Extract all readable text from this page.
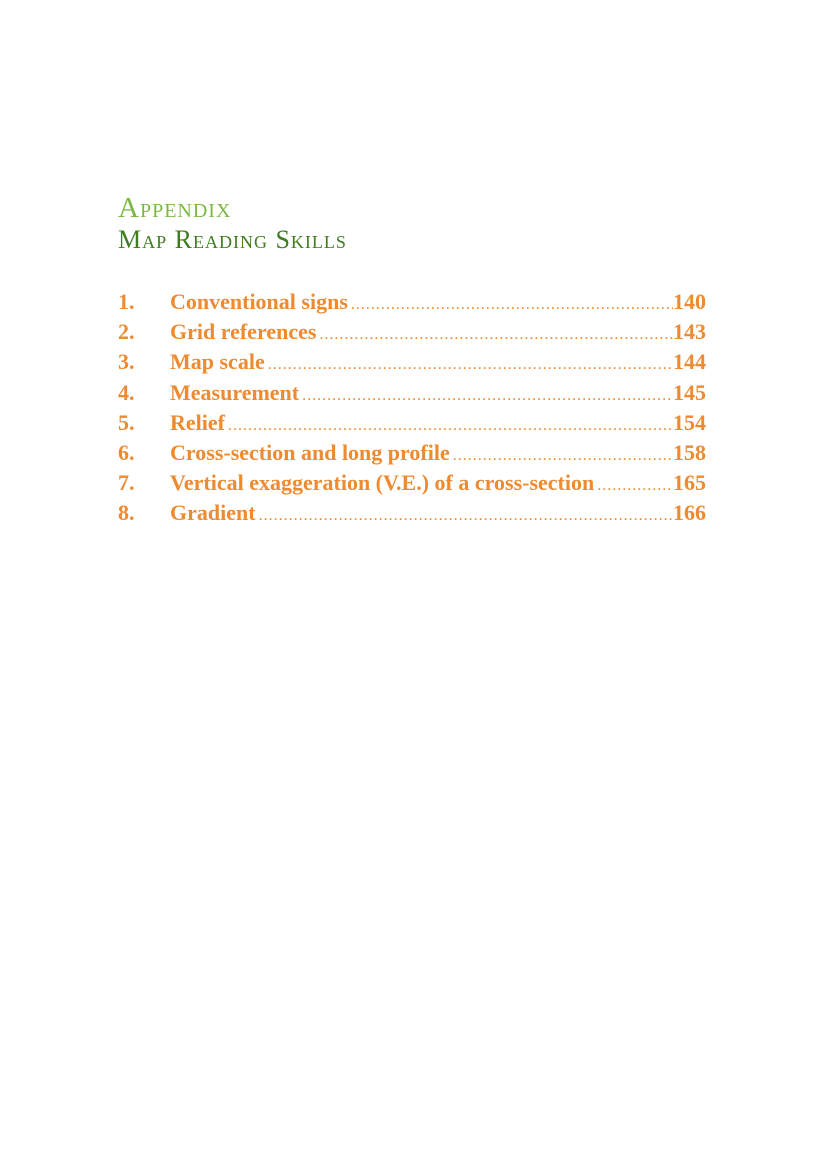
Appendix
Map Reading Skills
1.	Conventional signs .....	140
2.	Grid references .....	143
3.	Map scale .....	144
4.	Measurement .....	145
5.	Relief .....	154
6.	Cross-section and long profile .....	158
7.	Vertical exaggeration (V.E.) of a cross-section .....	165
8.	Gradient .....	166
